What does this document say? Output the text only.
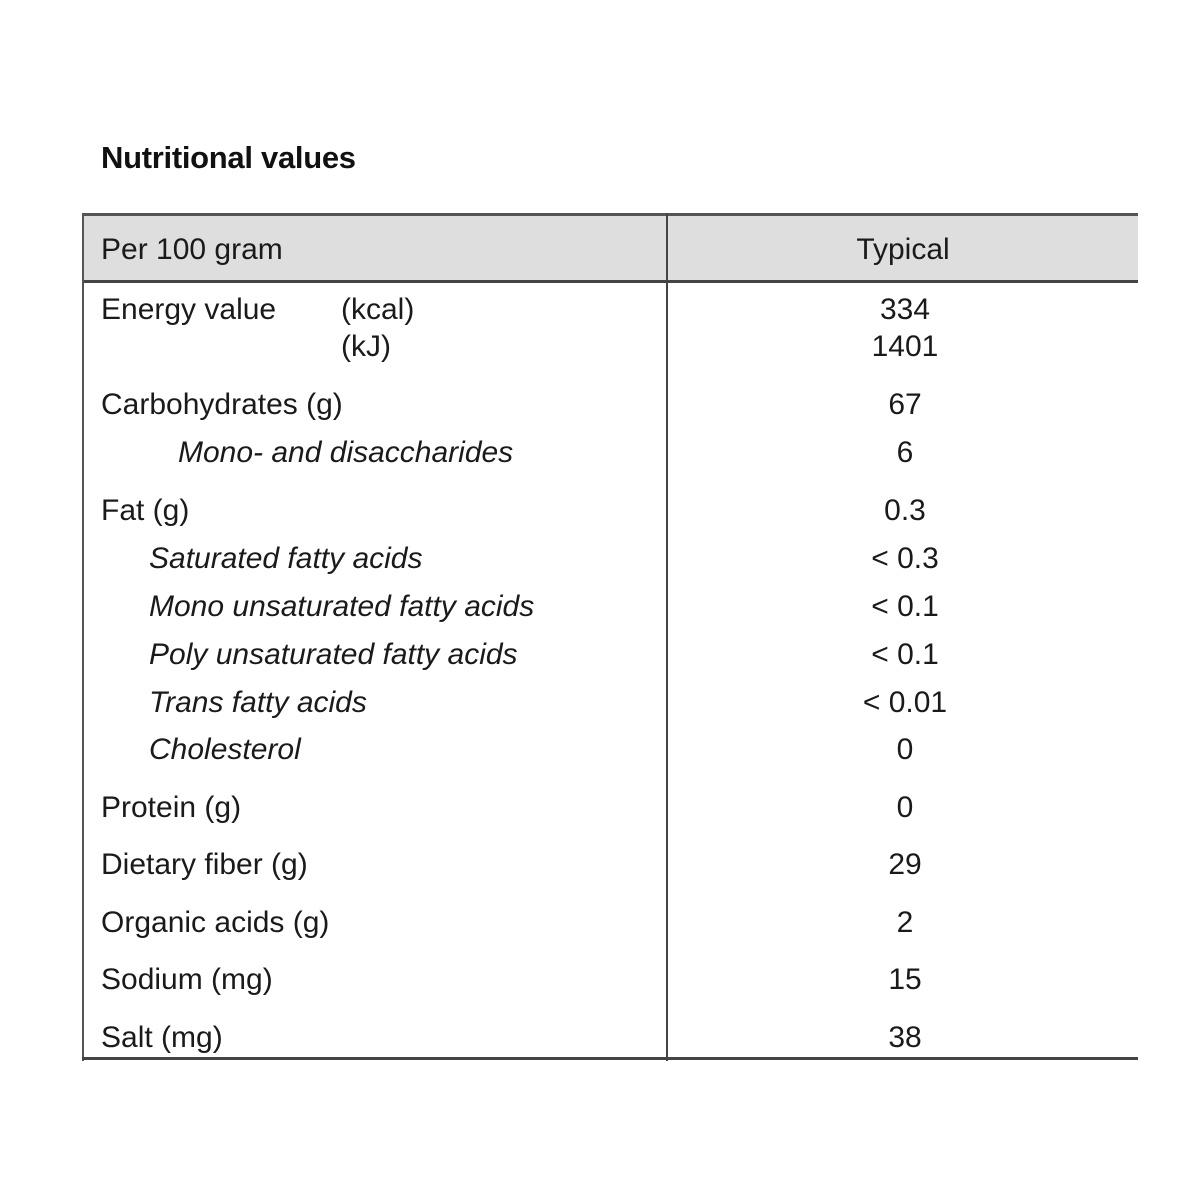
Nutritional values
Per 100 gram	Typical
Energy value (kcal)	334
(kJ)	1401
Carbohydrates (g)	67
Mono- and disaccharides	6
Fat (g)	0.3
Saturated fatty acids	< 0.3
Mono unsaturated fatty acids	< 0.1
Poly unsaturated fatty acids	< 0.1
Trans fatty acids	< 0.01
Cholesterol	0
Protein (g)	0
Dietary fiber (g)	29
Organic acids (g)	2
Sodium (mg)	15
Salt (mg)	38
